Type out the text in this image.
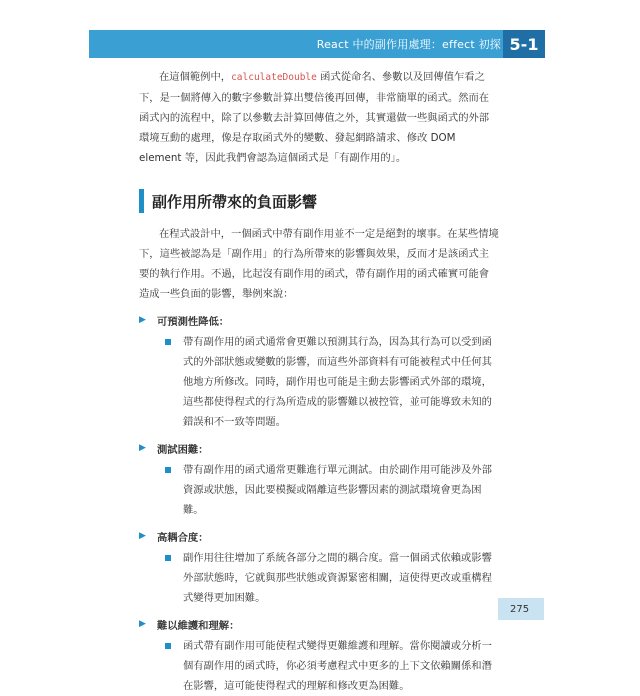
React 中的副作用處理：effect 初探 5-1

在這個範例中，calculateDouble 函式從命名、參數以及回傳值乍看之下，是一個將傳入的數字參數計算出雙倍後再回傳，非常簡單的函式。然而在函式內的流程中，除了以參數去計算回傳值之外，其實還做一些與函式的外部環境互動的處理，像是存取函式外的變數、發起網路請求、修改 DOM element 等，因此我們會認為這個函式是「有副作用的」。

副作用所帶來的負面影響

在程式設計中，一個函式中帶有副作用並不一定是絕對的壞事。在某些情境下，這些被認為是「副作用」的行為所帶來的影響與效果，反而才是該函式主要的執行作用。不過，比起沒有副作用的函式，帶有副作用的函式確實可能會造成一些負面的影響，舉例來說：

▶ 可預測性降低：
帶有副作用的函式通常會更難以預測其行為，因為其行為可以受到函式的外部狀態或變數的影響，而這些外部資料有可能被程式中任何其他地方所修改。同時，副作用也可能是主動去影響函式外部的環境，這些都使得程式的行為所造成的影響難以被控管，並可能導致未知的錯誤和不一致等問題。
▶ 測試困難：
帶有副作用的函式通常更難進行單元測試。由於副作用可能涉及外部資源或狀態，因此要模擬或隔離這些影響因素的測試環境會更為困難。
▶ 高耦合度：
副作用往往增加了系統各部分之間的耦合度。當一個函式依賴或影響外部狀態時，它就與那些狀態或資源緊密相關，這使得更改或重構程式變得更加困難。
▶ 難以維護和理解：
函式帶有副作用可能使程式變得更難維護和理解。當你閱讀或分析一個有副作用的函式時，你必須考慮程式中更多的上下文依賴關係和潛在影響，這可能使得程式的理解和修改更為困難。
275
